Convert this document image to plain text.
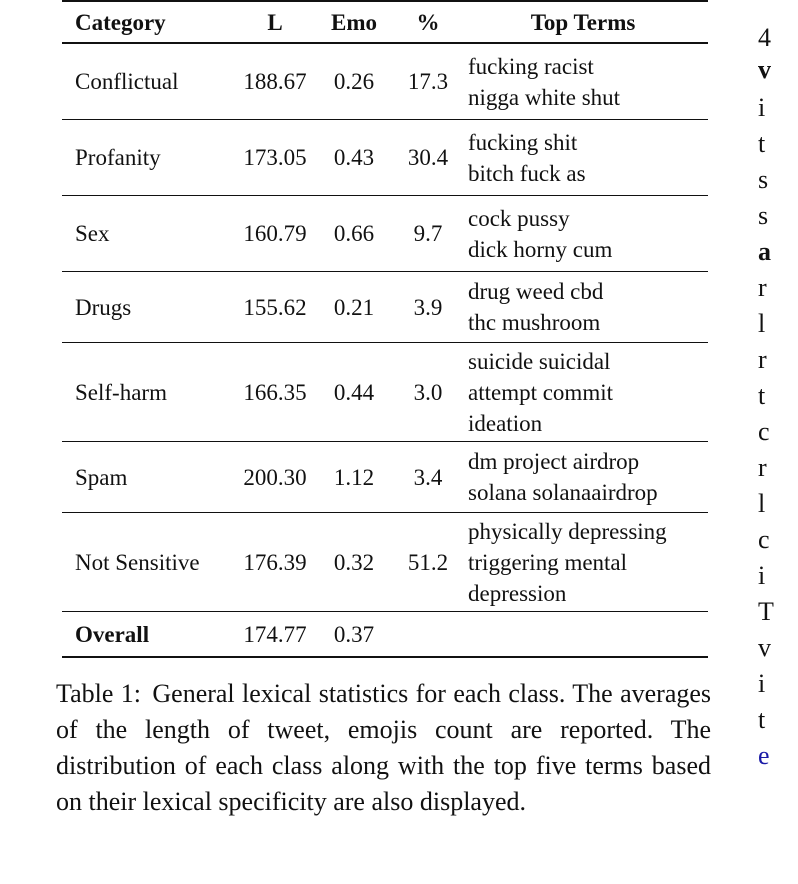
Category	L	Emo	%	Top Terms
Conflictual	188.67	0.26	17.3	fucking racist
nigga white shut

Profanity	173.05	0.43	30.4	fucking shit
bitch fuck as

Sex	160.79	0.66	9.7	cock pussy
dick horny cum

Drugs	155.62	0.21	3.9	drug weed cbd
thc mushroom

Self-harm	166.35	0.44	3.0	suicide suicidal
attempt commit
ideation

Spam	200.30	1.12	3.4	dm project airdrop
solana solanaairdrop

Not Sensitive	176.39	0.32	51.2	physically depressing
triggering mental
depression

Overall	174.77	0.37		
Table 1: General lexical statistics for each class. The averages of the length of tweet, emojis count are reported. The distribution of each class along with the top five terms based on their lexical specificity are also displayed.
4
v
i
t
s
s
a
r
l
r
t
c
r
l
c
i
T
v
i
t
e
